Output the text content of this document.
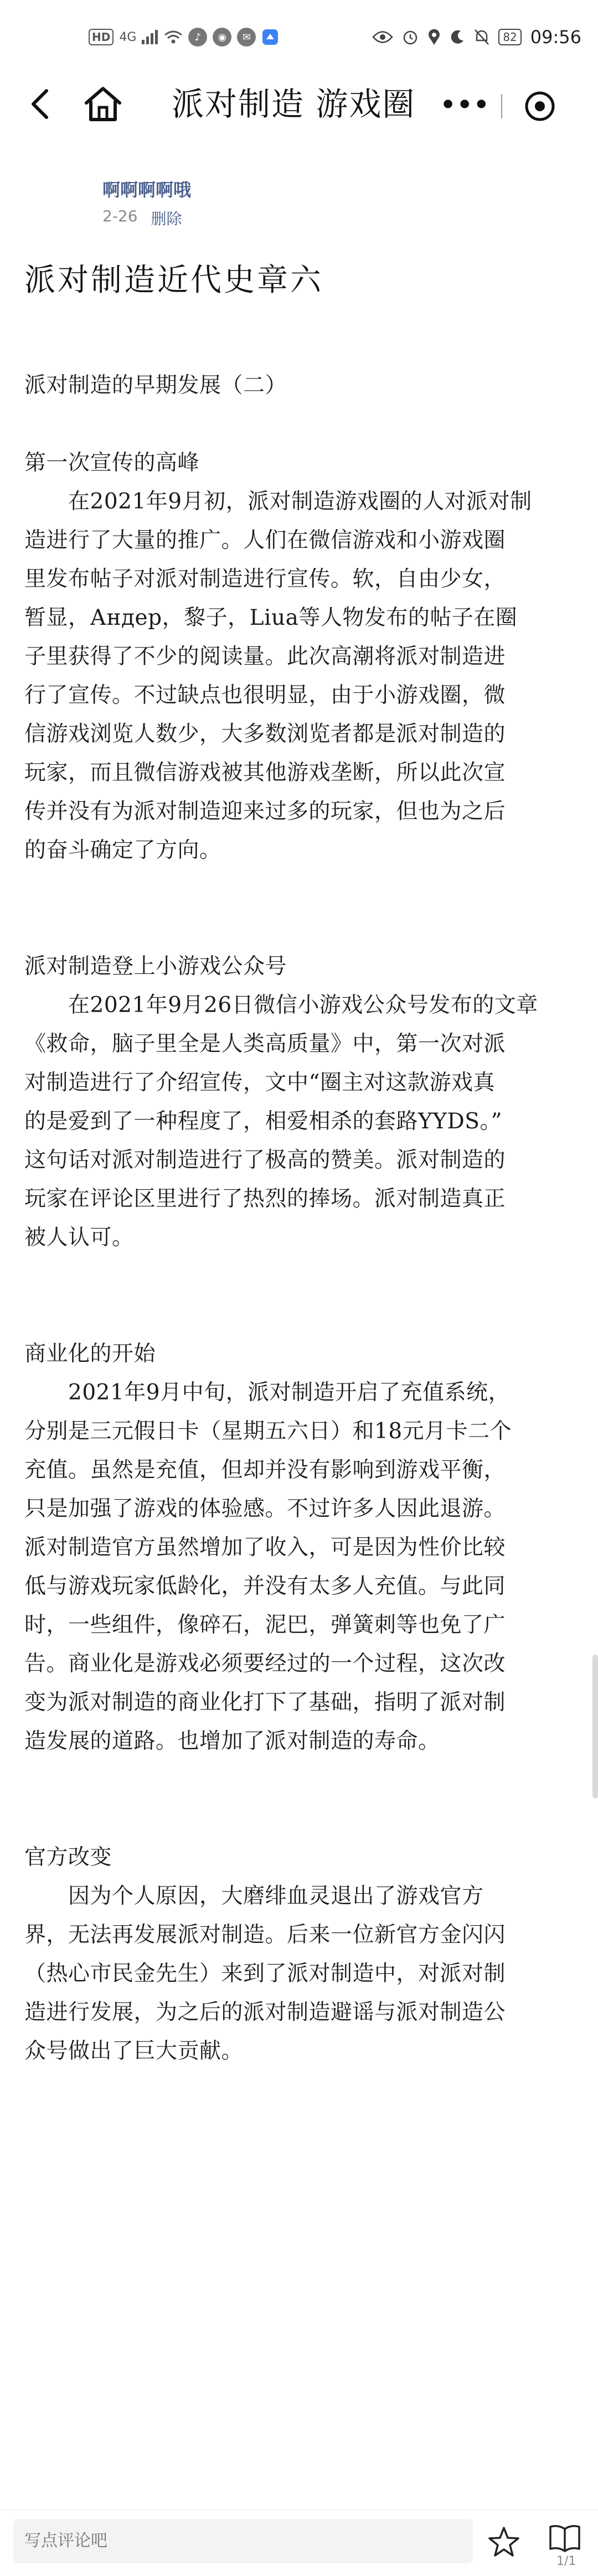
HD 4G	♪	◉	✉	82 09:56
派对制造 游戏圈 •••
啊啊啊啊哦
2-26 删除
派对制造近代史章六
派对制造的早期发展（二）
第一次宣传的高峰
　　在2021年9月初，派对制造游戏圈的人对派对制
造进行了大量的推广。人们在微信游戏和小游戏圈
里发布帖子对派对制造进行宣传。软，自由少女，
暂显，Андер，黎子，Liua等人物发布的帖子在圈
子里获得了不少的阅读量。此次高潮将派对制造进
行了宣传。不过缺点也很明显，由于小游戏圈，微
信游戏浏览人数少，大多数浏览者都是派对制造的
玩家，而且微信游戏被其他游戏垄断，所以此次宣
传并没有为派对制造迎来过多的玩家，但也为之后
的奋斗确定了方向。
派对制造登上小游戏公众号
　　在2021年9月26日微信小游戏公众号发布的文章
《救命，脑子里全是人类高质量》中，第一次对派
对制造进行了介绍宣传，文中“圈主对这款游戏真
的是爱到了一种程度了，相爱相杀的套路YYDS。”
这句话对派对制造进行了极高的赞美。派对制造的
玩家在评论区里进行了热烈的捧场。派对制造真正
被人认可。
商业化的开始
　　2021年9月中旬，派对制造开启了充值系统，
分别是三元假日卡（星期五六日）和18元月卡二个
充值。虽然是充值，但却并没有影响到游戏平衡，
只是加强了游戏的体验感。不过许多人因此退游。
派对制造官方虽然增加了收入，可是因为性价比较
低与游戏玩家低龄化，并没有太多人充值。与此同
时，一些组件，像碎石，泥巴，弹簧刺等也免了广
告。商业化是游戏必须要经过的一个过程，这次改
变为派对制造的商业化打下了基础，指明了派对制
造发展的道路。也增加了派对制造的寿命。
官方改变
　　因为个人原因，大磨绯血灵退出了游戏官方
界，无法再发展派对制造。后来一位新官方金闪闪
（热心市民金先生）来到了派对制造中，对派对制
造进行发展，为之后的派对制造避谣与派对制造公
众号做出了巨大贡献。
写点评论吧
1/1
